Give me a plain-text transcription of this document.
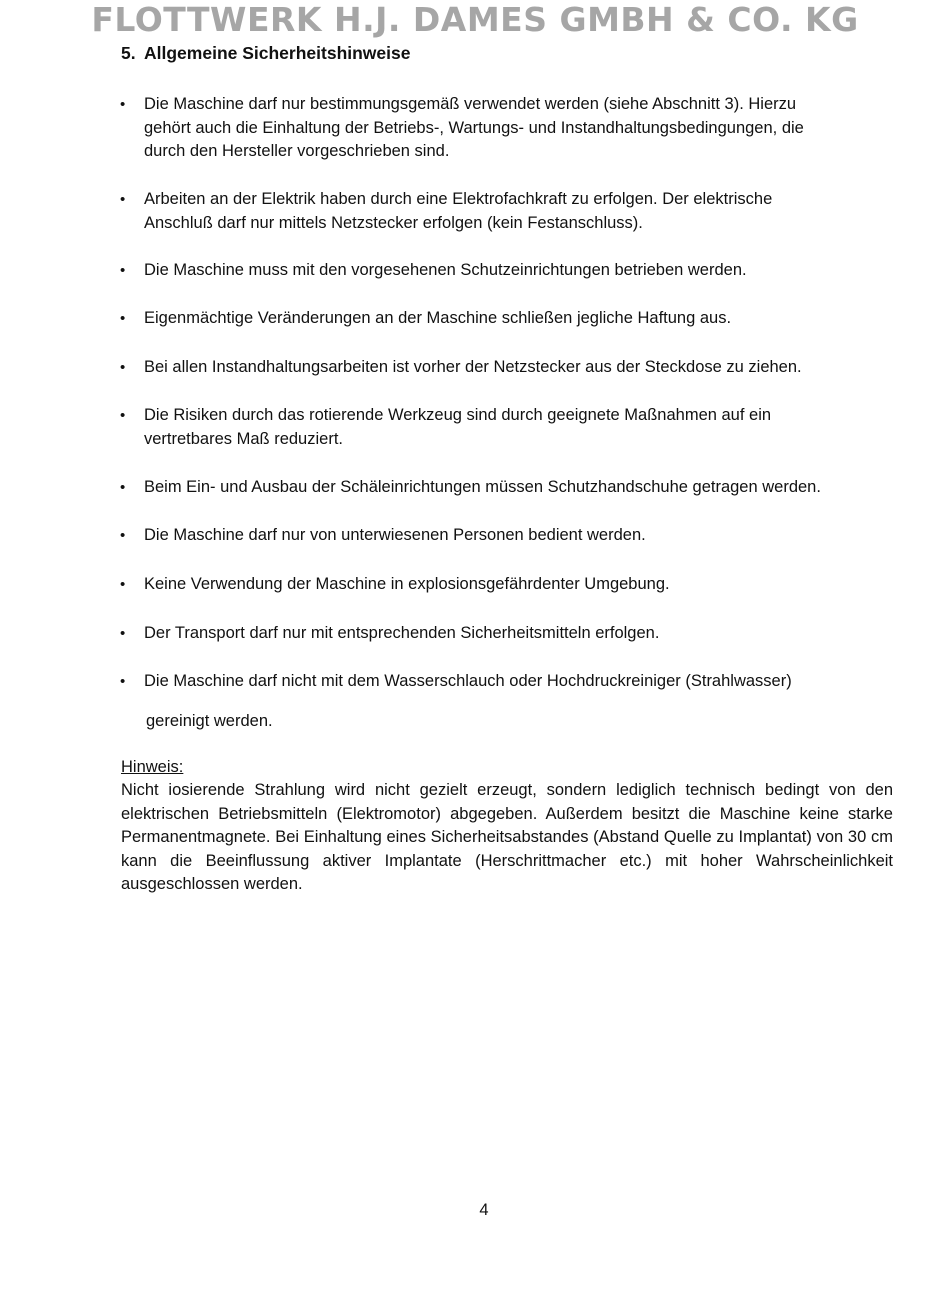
FLOTTWERK H.J. DAMES GMBH & CO. KG
5. Allgemeine Sicherheitshinweise
• Die Maschine darf nur bestimmungsgemäß verwendet werden (siehe Abschnitt 3). Hierzu
gehört auch die Einhaltung der Betriebs-, Wartungs- und Instandhaltungsbedingungen, die
durch den Hersteller vorgeschrieben sind.
• Arbeiten an der Elektrik haben durch eine Elektrofachkraft zu erfolgen. Der elektrische
Anschluß darf nur mittels Netzstecker erfolgen (kein Festanschluss).
• Die Maschine muss mit den vorgesehenen Schutzeinrichtungen betrieben werden.
• Eigenmächtige Veränderungen an der Maschine schließen jegliche Haftung aus.
• Bei allen Instandhaltungsarbeiten ist vorher der Netzstecker aus der Steckdose zu ziehen.
• Die Risiken durch das rotierende Werkzeug sind durch geeignete Maßnahmen auf ein
vertretbares Maß reduziert.
• Beim Ein- und Ausbau der Schäleinrichtungen müssen Schutzhandschuhe getragen werden.
• Die Maschine darf nur von unterwiesenen Personen bedient werden.
• Keine Verwendung der Maschine in explosionsgefährdenter Umgebung.
• Der Transport darf nur mit entsprechenden Sicherheitsmitteln erfolgen.
• Die Maschine darf nicht mit dem Wasserschlauch oder Hochdruckreiniger (Strahlwasser)
gereinigt werden.
Hinweis:
Nicht iosierende Strahlung wird nicht gezielt erzeugt, sondern lediglich technisch bedingt von den elektrischen Betriebsmitteln (Elektromotor) abgegeben. Außerdem besitzt die Maschine keine starke Permanentmagnete. Bei Einhaltung eines Sicherheitsabstandes (Abstand Quelle zu Implantat) von 30 cm kann die Beeinflussung aktiver Implantate (Herschrittmacher etc.) mit hoher Wahrscheinlichkeit ausgeschlossen werden.
4
